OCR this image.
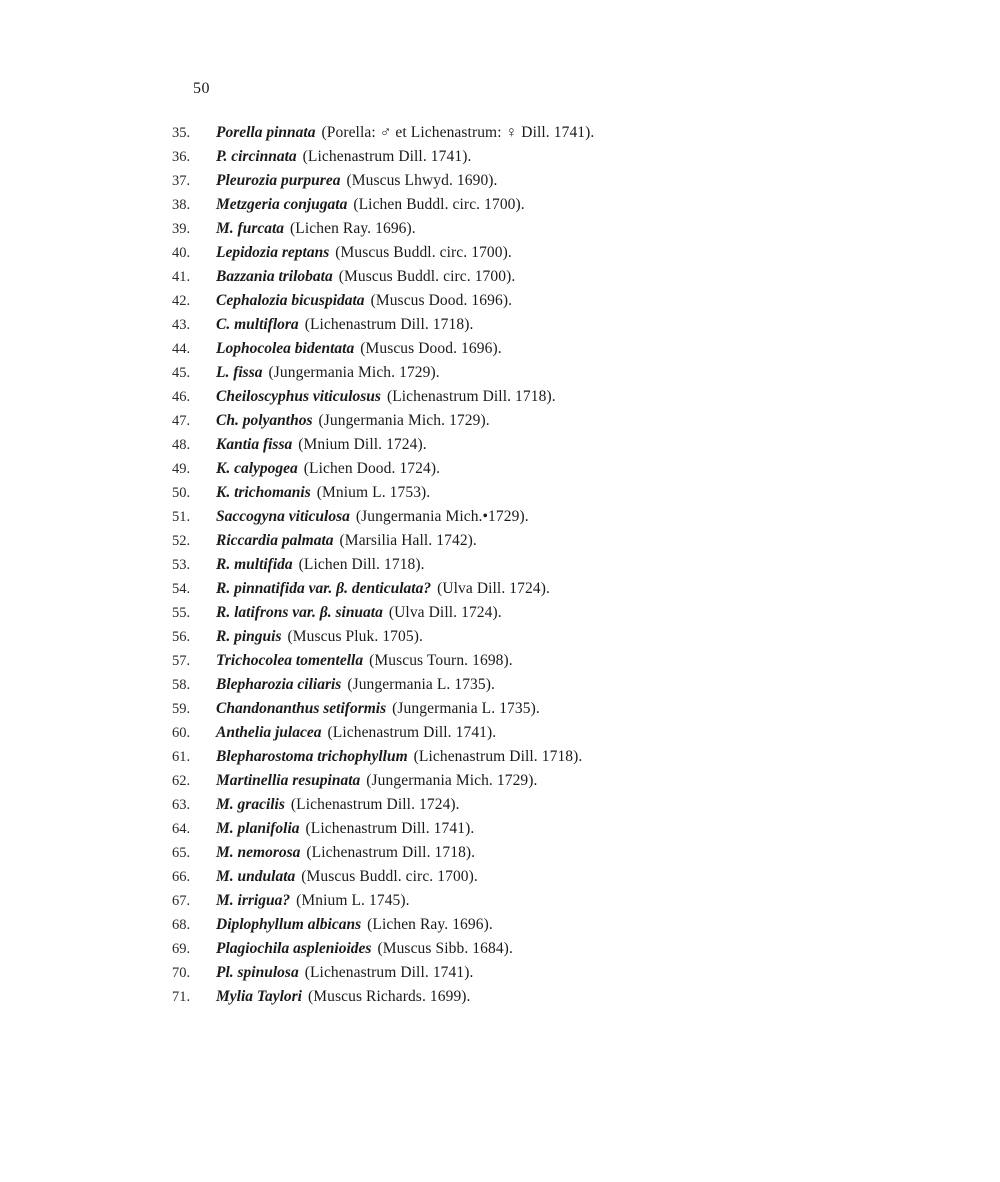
50
35.	Porella pinnata (Porella: ♂ et Lichenastrum: ♀ Dill. 1741).
36.	P. circinnata (Lichenastrum Dill. 1741).
37.	Pleurozia purpurea (Muscus Lhwyd. 1690).
38.	Metzgeria conjugata (Lichen Buddl. circ. 1700).
39.	M. furcata (Lichen Ray. 1696).
40.	Lepidozia reptans (Muscus Buddl. circ. 1700).
41.	Bazzania trilobata (Muscus Buddl. circ. 1700).
42.	Cephalozia bicuspidata (Muscus Dood. 1696).
43.	C. multiflora (Lichenastrum Dill. 1718).
44.	Lophocolea bidentata (Muscus Dood. 1696).
45.	L. fissa (Jungermania Mich. 1729).
46.	Cheiloscyphus viticulosus (Lichenastrum Dill. 1718).
47.	Ch. polyanthos (Jungermania Mich. 1729).
48.	Kantia fissa (Mnium Dill. 1724).
49.	K. calypogea (Lichen Dood. 1724).
50.	K. trichomanis (Mnium L. 1753).
51.	Saccogyna viticulosa (Jungermania Mich.•1729).
52.	Riccardia palmata (Marsilia Hall. 1742).
53.	R. multifida (Lichen Dill. 1718).
54.	R. pinnatifida var. β. denticulata? (Ulva Dill. 1724).
55.	R. latifrons var. β. sinuata (Ulva Dill. 1724).
56.	R. pinguis (Muscus Pluk. 1705).
57.	Trichocolea tomentella (Muscus Tourn. 1698).
58.	Blepharozia ciliaris (Jungermania L. 1735).
59.	Chandonanthus setiformis (Jungermania L. 1735).
60.	Anthelia julacea (Lichenastrum Dill. 1741).
61.	Blepharostoma trichophyllum (Lichenastrum Dill. 1718).
62.	Martinellia resupinata (Jungermania Mich. 1729).
63.	M. gracilis (Lichenastrum Dill. 1724).
64.	M. planifolia (Lichenastrum Dill. 1741).
65.	M. nemorosa (Lichenastrum Dill. 1718).
66.	M. undulata (Muscus Buddl. circ. 1700).
67.	M. irrigua? (Mnium L. 1745).
68.	Diplophyllum albicans (Lichen Ray. 1696).
69.	Plagiochila asplenioides (Muscus Sibb. 1684).
70.	Pl. spinulosa (Lichenastrum Dill. 1741).
71.	Mylia Taylori (Muscus Richards. 1699).
